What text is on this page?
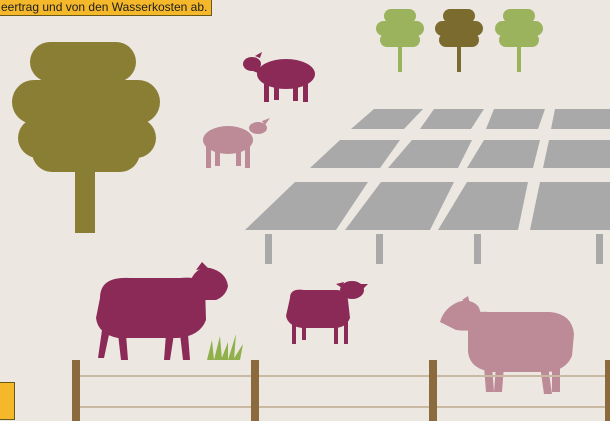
eertrag und von den Wasserkosten ab.
